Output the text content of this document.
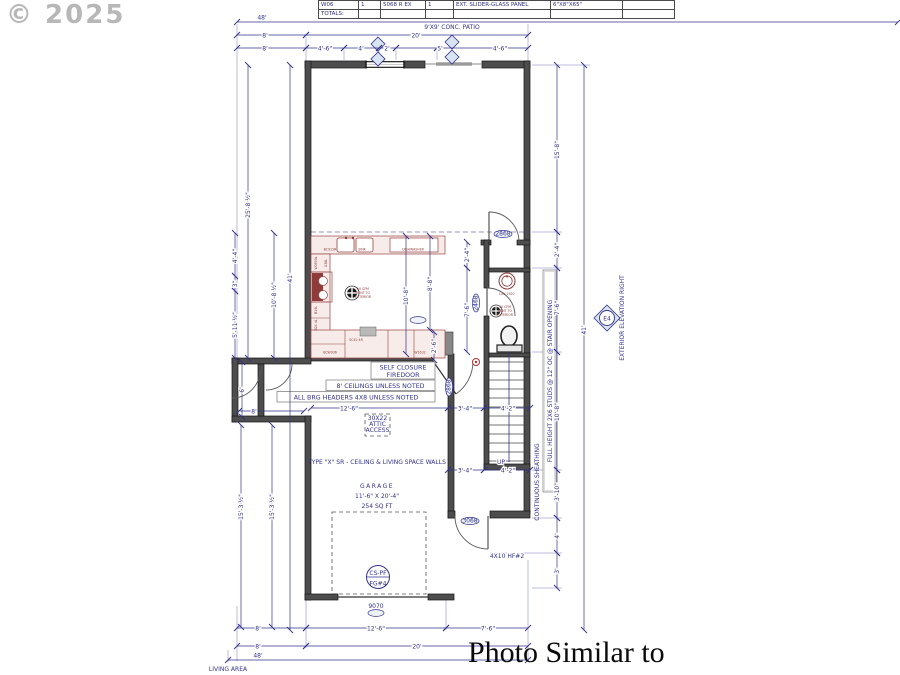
© 2025	W06	1	5068 R EX	1	EXT. SLIDER-GLASS PANEL	6"X8"X65"	
TOTALS:						
48'
9'X9' CONC. PATIO
8'	20'
8'	4'-6"	4'	2'	5'	4'-6"
25'-8 ½"
41'
4'-4"
3"
5'-11 ½"
10'-8 ½"
6'
8'
15'-3 ½"	15'-3 ½"
15'-8"
2'-4"
7'-6"
10'-8"
3'-10"
4'
3'
41'
2'-4"
7'-6"
10'-8"
8'-8"
2'-6"
12'-6"	3'-4"	4'-2"
3'-4"	4'-2"
8'	12'-6"	7'-6"
8'	20'
48'
SELF CLOSURE
FIREDOOR
8' CEILINGS UNLESS NOTED
ALL BRG HEADERS 4X8 UNLESS NOTED
30X22
ATTIC
ACCESS
TYPE "X" SR - CEILING & LIVING SPACE WALLS
FULL HEIGHT 2X6 STUDS @ 12" OC @ STAIR OPENING
CONTINUOUS SHEATHING
4X10 HF#2
LIVING AREA
UP
GARAGE
11'-6" X 20'-4"
254 SQ FT
CS-PF
FG#4
E4 EXTERIOR ELEVATION RIGHT
2868
2468
2868
3068
9070
50 CFM
VENT TO
EXTERIOR
50 CFM
VENT TO
EXTERIOR
BC912R	SINK	DISHWASHER
W0930L U36L
B15L
B24 4L
SC42 4R
BCW936	W1632
LAV 1920
Photo Similar to
